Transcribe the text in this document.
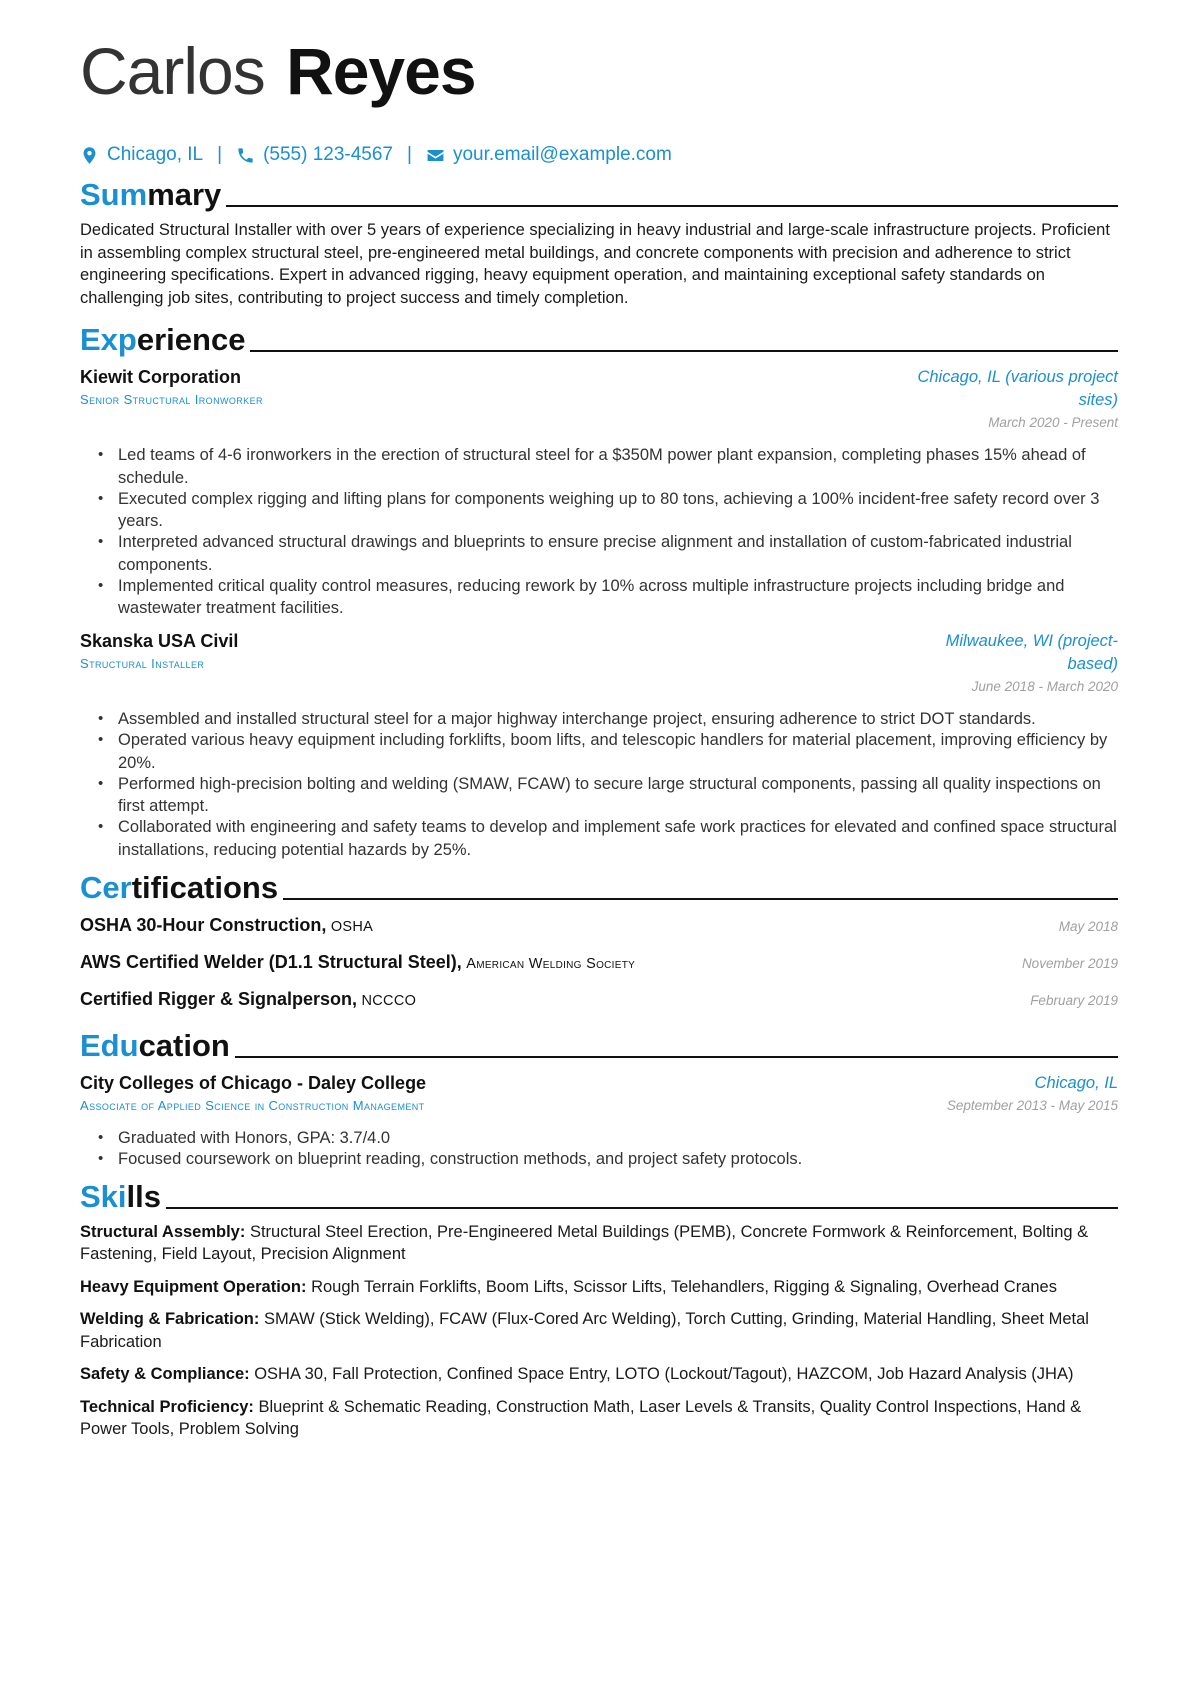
Carlos Reyes
Chicago, IL | (555) 123-4567 | your.email@example.com
Sum mary

Dedicated Structural Installer with over 5 years of experience specializing in heavy industrial and large-scale infrastructure projects. Proficient in assembling complex structural steel, pre-engineered metal buildings, and concrete components with precision and adherence to strict engineering specifications. Expert in advanced rigging, heavy equipment operation, and maintaining exceptional safety standards on challenging job sites, contributing to project success and timely completion.

Exp erience
Kiewit Corporation
Senior Structural Ironworker
Chicago, IL (various project sites)
March 2020 - Present
• Led teams of 4-6 ironworkers in the erection of structural steel for a $350M power plant expansion, completing phases 15% ahead of schedule.
• Executed complex rigging and lifting plans for components weighing up to 80 tons, achieving a 100% incident-free safety record over 3 years.
• Interpreted advanced structural drawings and blueprints to ensure precise alignment and installation of custom-fabricated industrial components.
• Implemented critical quality control measures, reducing rework by 10% across multiple infrastructure projects including bridge and wastewater treatment facilities.
Skanska USA Civil
Structural Installer
Milwaukee, WI (project-based)
June 2018 - March 2020
• Assembled and installed structural steel for a major highway interchange project, ensuring adherence to strict DOT standards.
• Operated various heavy equipment including forklifts, boom lifts, and telescopic handlers for material placement, improving efficiency by 20%.
• Performed high-precision bolting and welding (SMAW, FCAW) to secure large structural components, passing all quality inspections on first attempt.
• Collaborated with engineering and safety teams to develop and implement safe work practices for elevated and confined space structural installations, reducing potential hazards by 25%.
Cer tifications
OSHA 30-Hour Construction, OSHA	May 2018
AWS Certified Welder (D1.1 Structural Steel), American Welding Society	November 2019
Certified Rigger & Signalperson, NCCCO	February 2019
Edu cation
City Colleges of Chicago - Daley College
Associate of Applied Science in Construction Management
Chicago, IL
September 2013 - May 2015
• Graduated with Honors, GPA: 3.7/4.0
• Focused coursework on blueprint reading, construction methods, and project safety protocols.
Ski lls

Structural Assembly: Structural Steel Erection, Pre-Engineered Metal Buildings (PEMB), Concrete Formwork & Reinforcement, Bolting & Fastening, Field Layout, Precision Alignment

Heavy Equipment Operation: Rough Terrain Forklifts, Boom Lifts, Scissor Lifts, Telehandlers, Rigging & Signaling, Overhead Cranes

Welding & Fabrication: SMAW (Stick Welding), FCAW (Flux-Cored Arc Welding), Torch Cutting, Grinding, Material Handling, Sheet Metal Fabrication

Safety & Compliance: OSHA 30, Fall Protection, Confined Space Entry, LOTO (Lockout/Tagout), HAZCOM, Job Hazard Analysis (JHA)

Technical Proficiency: Blueprint & Schematic Reading, Construction Math, Laser Levels & Transits, Quality Control Inspections, Hand & Power Tools, Problem Solving
